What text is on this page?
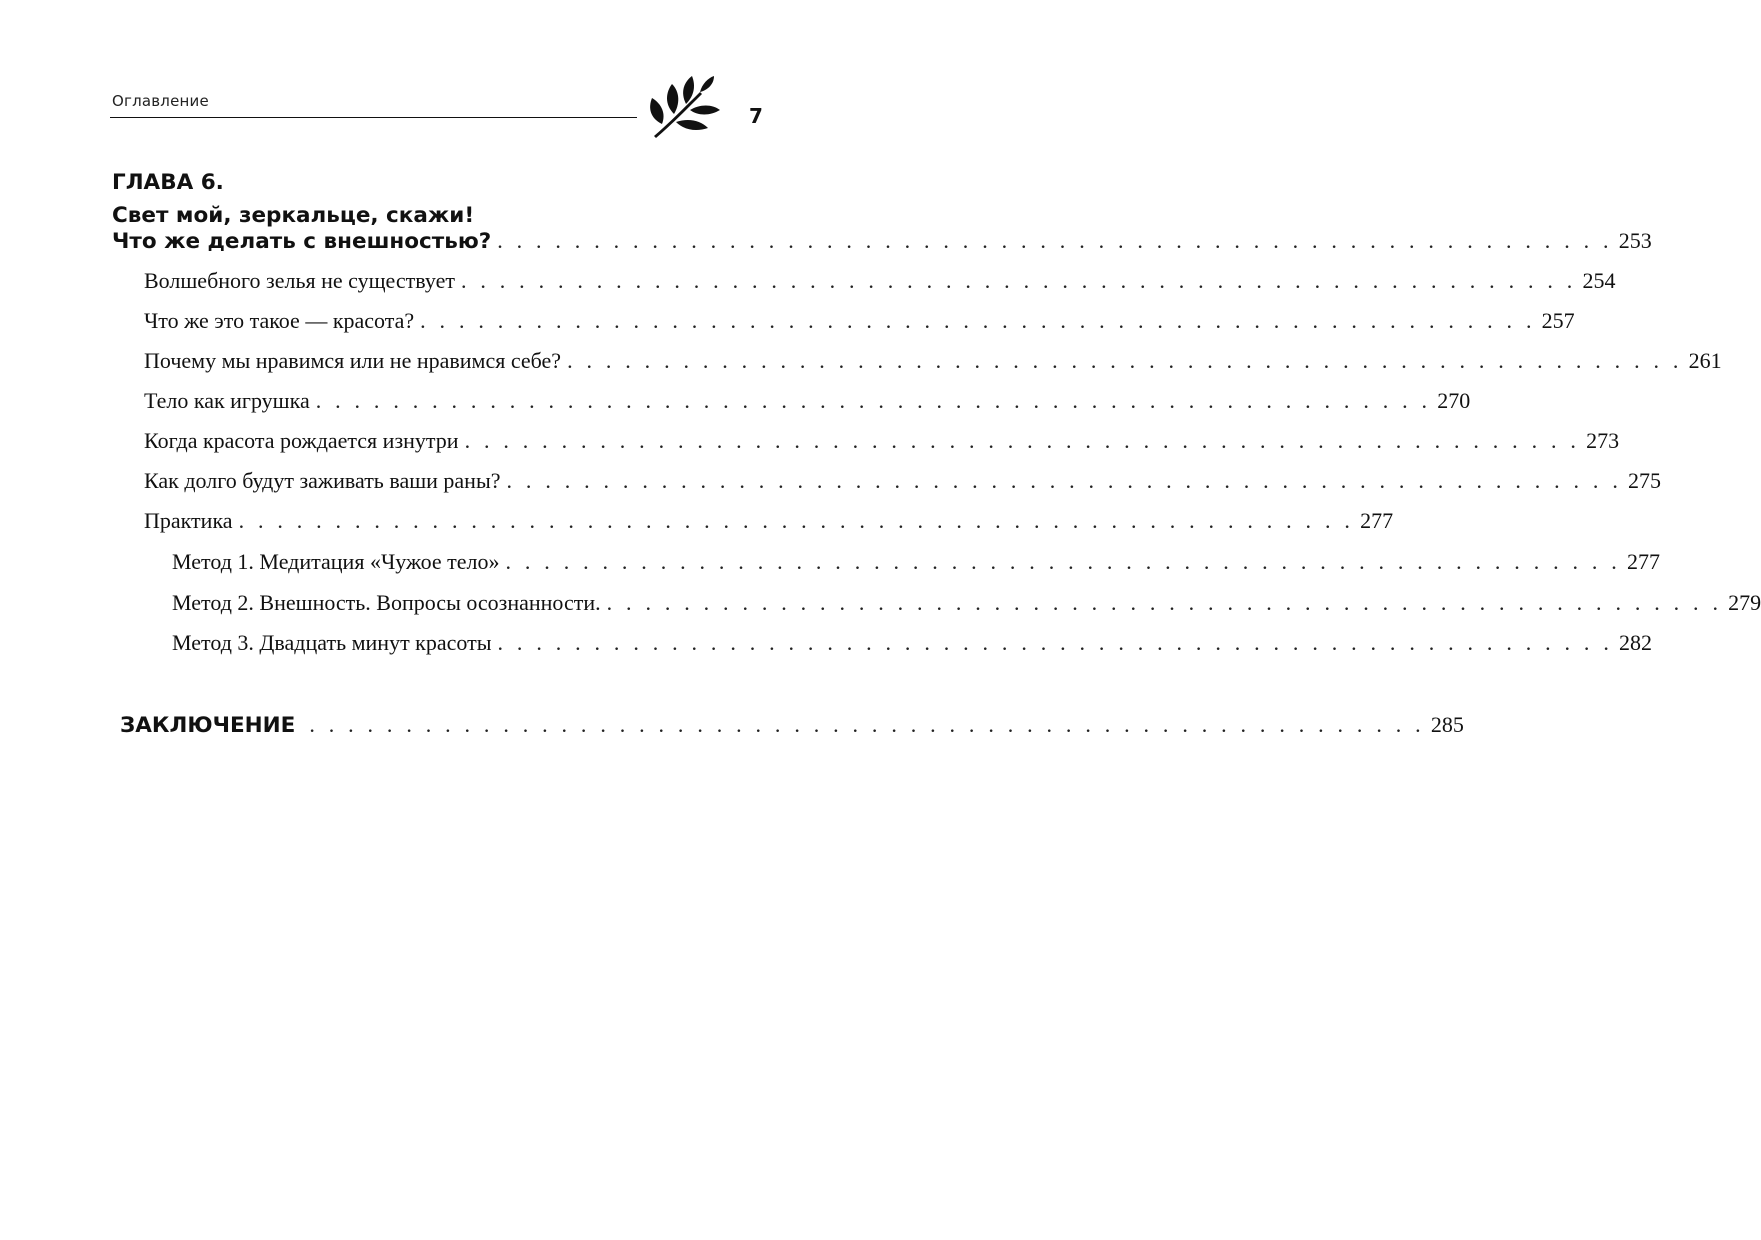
Оглавление
7
ГЛАВА 6.
Свет мой, зеркальце, скажи!
Что же делать с внешностью? . . . . . . . . . . . . . . . . . . . . . . . . . . . . . . . . . . . . . . . . . . . . . . . . . . . . . . . . . . 253
Волшебного зелья не существует . . . . . . . . . . . . . . . . . . . . . . . . . . . . . . . . . . . . . . . . . . . . . . . . . . . . . . . . . . 254
Что же это такое — красота? . . . . . . . . . . . . . . . . . . . . . . . . . . . . . . . . . . . . . . . . . . . . . . . . . . . . . . . . . . 257
Почему мы нравимся или не нравимся себе? . . . . . . . . . . . . . . . . . . . . . . . . . . . . . . . . . . . . . . . . . . . . . . . . . . . . . . . . . . 261
Тело как игрушка . . . . . . . . . . . . . . . . . . . . . . . . . . . . . . . . . . . . . . . . . . . . . . . . . . . . . . . . . . 270
Когда красота рождается изнутри . . . . . . . . . . . . . . . . . . . . . . . . . . . . . . . . . . . . . . . . . . . . . . . . . . . . . . . . . . 273
Как долго будут заживать ваши раны? . . . . . . . . . . . . . . . . . . . . . . . . . . . . . . . . . . . . . . . . . . . . . . . . . . . . . . . . . . 275
Практика . . . . . . . . . . . . . . . . . . . . . . . . . . . . . . . . . . . . . . . . . . . . . . . . . . . . . . . . . . 277
Метод 1. Медитация «Чужое тело» . . . . . . . . . . . . . . . . . . . . . . . . . . . . . . . . . . . . . . . . . . . . . . . . . . . . . . . . . . 277
Метод 2. Внешность. Вопросы осознанности. . . . . . . . . . . . . . . . . . . . . . . . . . . . . . . . . . . . . . . . . . . . . . . . . . . . . . . . . . . 279
Метод 3. Двадцать минут красоты . . . . . . . . . . . . . . . . . . . . . . . . . . . . . . . . . . . . . . . . . . . . . . . . . . . . . . . . . . 282
ЗАКЛЮЧЕНИЕ . . . . . . . . . . . . . . . . . . . . . . . . . . . . . . . . . . . . . . . . . . . . . . . . . . . . . . . . . . 285
